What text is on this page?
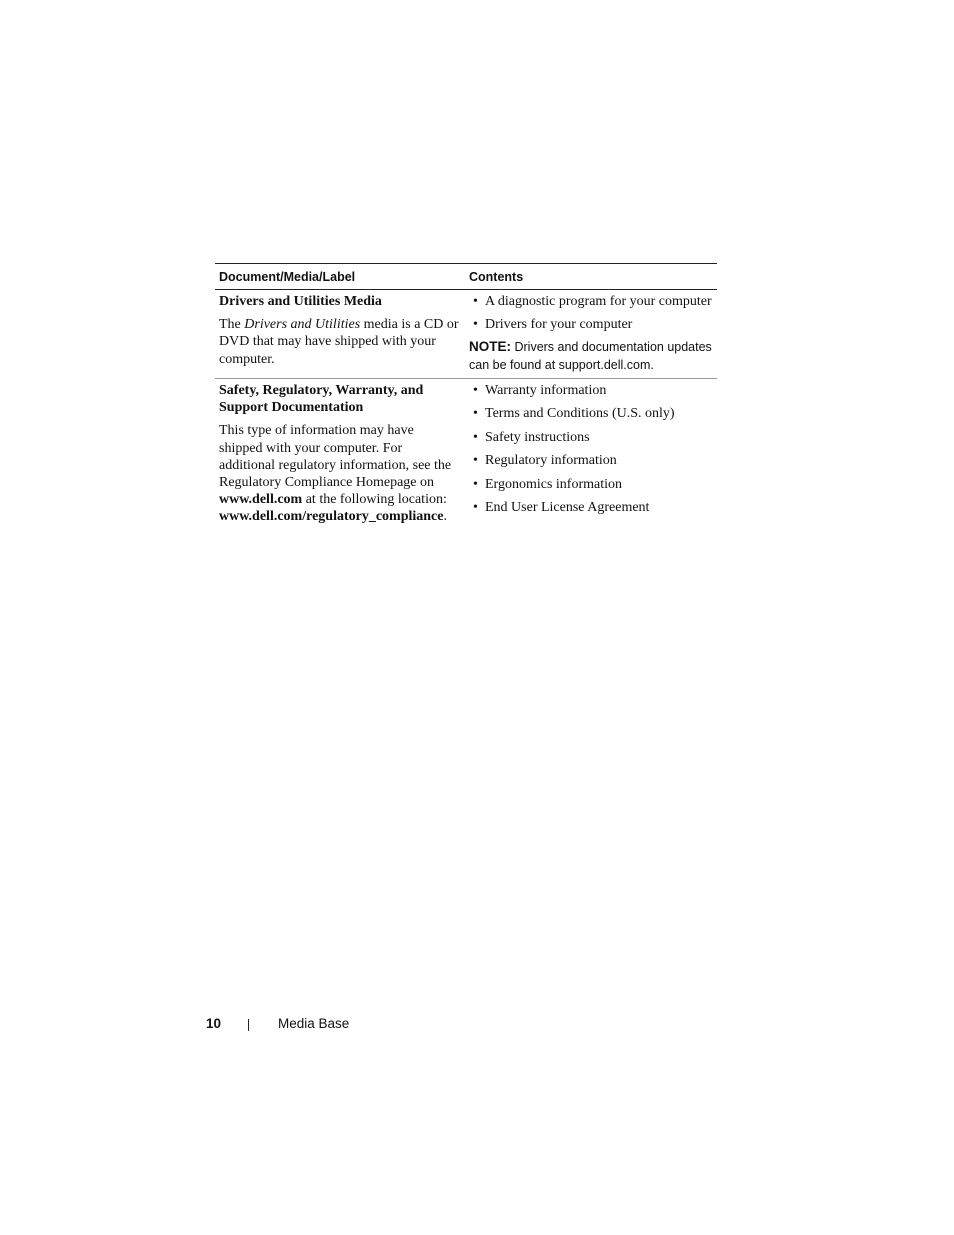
Document/Media/Label	Contents
Drivers and Utilities Media
The Drivers and Utilities media is a CD or DVD that may have shipped with your computer.
• A diagnostic program for your computer
• Drivers for your computer
NOTE: Drivers and documentation updates can be found at support.dell.com.
Safety, Regulatory, Warranty, and Support Documentation
This type of information may have shipped with your computer. For additional regulatory information, see the Regulatory Compliance Homepage on www.dell.com at the following location: www.dell.com/regulatory_compliance.
• Warranty information
• Terms and Conditions (U.S. only)
• Safety instructions
• Regulatory information
• Ergonomics information
• End User License Agreement
10	Media Base
